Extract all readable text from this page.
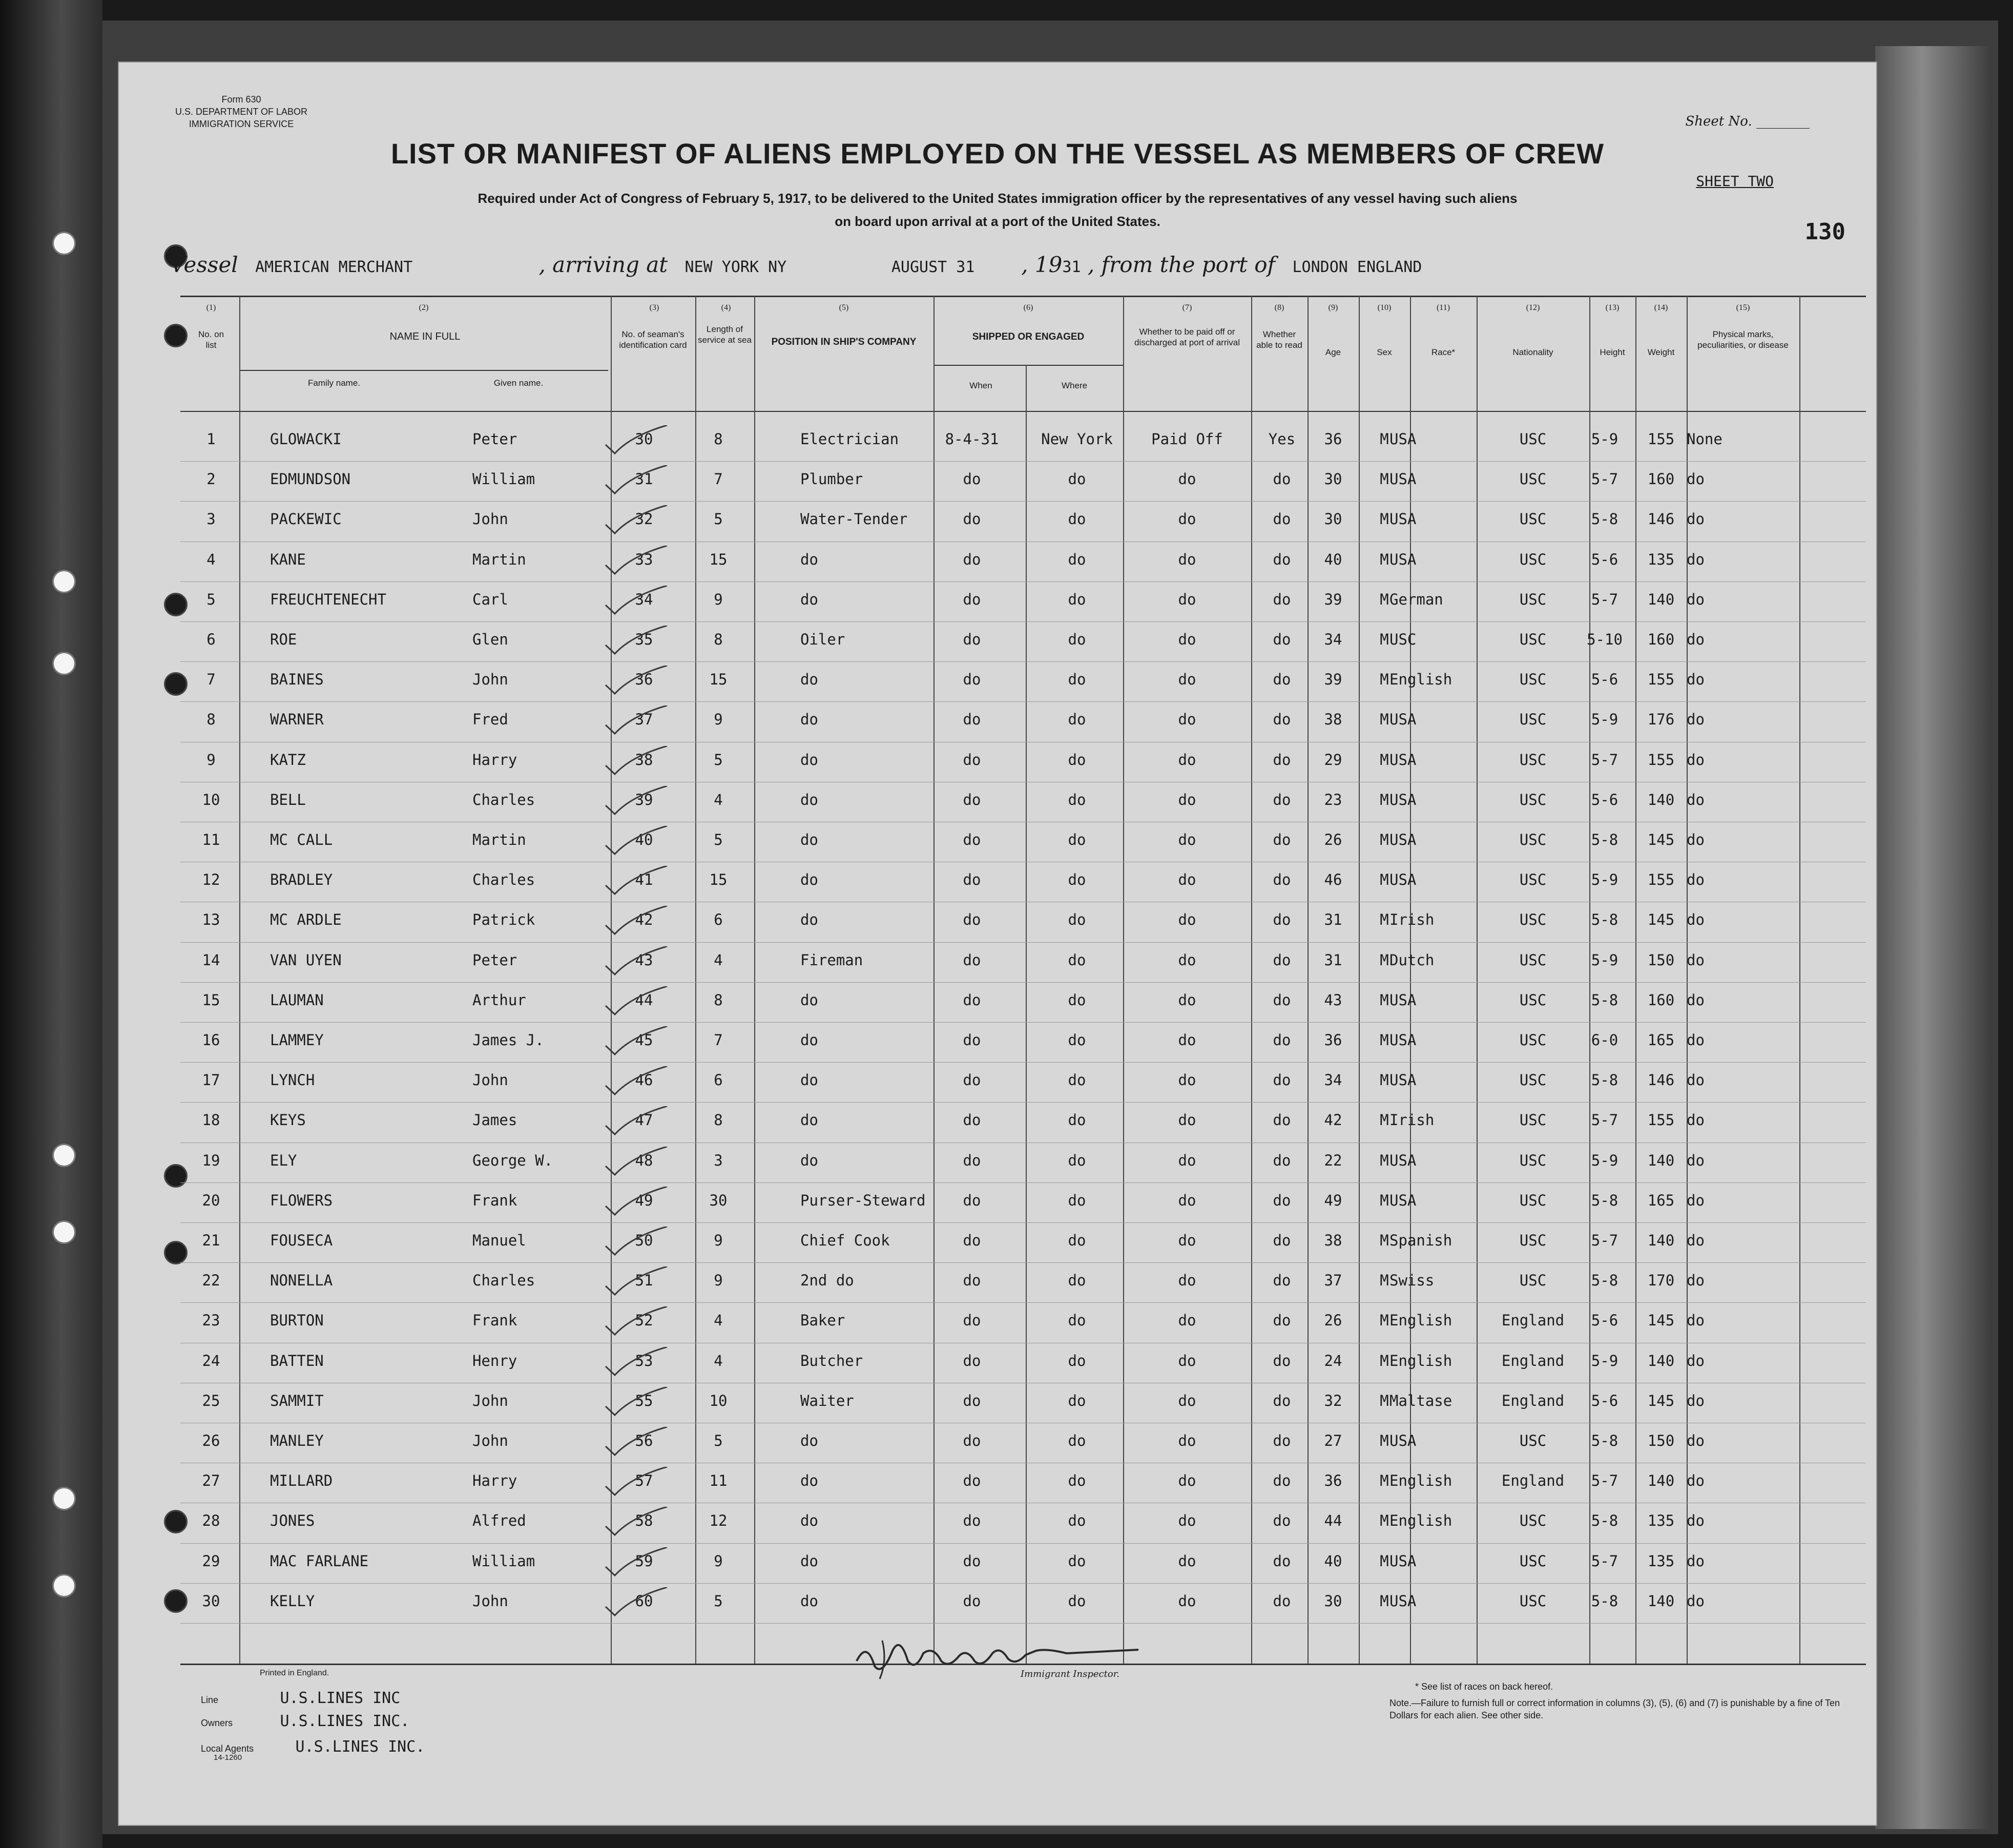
Form 630
U.S. DEPARTMENT OF LABOR
IMMIGRATION SERVICE	Sheet No. ________
LIST OR MANIFEST OF ALIENS EMPLOYED ON THE VESSEL AS MEMBERS OF CREW
Required under Act of Congress of February 5, 1917, to be delivered to the United States immigration officer by the representatives of any vessel having such aliens
on board upon arrival at a port of the United States.
SHEET TWO
130
Vessel AMERICAN MERCHANT	, arriving at NEW YORK NY	AUGUST 31 , 1931 , from the port of LONDON ENGLAND
(1)	(2)	(3)	(4)	(5)	(6)	(7)	(8)	(9)	(10)	(11)	(12)	(13)	(14)	(15)
No. on list
NAME IN FULL
Family name.	Given name.
No. of seaman's identification card
Length of service at sea	POSITION IN SHIP'S COMPANY	SHIPPED OR ENGAGED
When	Where
Whether to be paid off or discharged at port of arrival
Whether able to read
Age	Sex	Race*	Nationality	Height	Weight
Physical marks, peculiarities, or disease
1	GLOWACKI	Peter	30	8	Electrician	8-4-31	New York	Paid Off	Yes	36	M USA	USC	5-9	155 None
2	EDMUNDSON	William	31	7	Plumber	do	do	do	do	30	M USA	USC	5-7	160 do
3	PACKEWIC	John	32	5	Water-Tender	do	do	do	do	30	M USA	USC	5-8	146 do
4	KANE	Martin	33	15	do	do	do	do	do	40	M USA	USC	5-6	135 do
5	FREUCHTENECHT	Carl	34	9	do	do	do	do	do	39	M German	USC	5-7	140 do
6	ROE	Glen	35	8	Oiler	do	do	do	do	34	M USC	USC	5-10	160 do
7	BAINES	John	36	15	do	do	do	do	do	39	M English	USC	5-6	155 do
8	WARNER	Fred	37	9	do	do	do	do	do	38	M USA	USC	5-9	176 do
9	KATZ	Harry	38	5	do	do	do	do	do	29	M USA	USC	5-7	155 do
10	BELL	Charles	39	4	do	do	do	do	do	23	M USA	USC	5-6	140 do
11	MC CALL	Martin	40	5	do	do	do	do	do	26	M USA	USC	5-8	145 do
12	BRADLEY	Charles	41	15	do	do	do	do	do	46	M USA	USC	5-9	155 do
13	MC ARDLE	Patrick	42	6	do	do	do	do	do	31	M Irish	USC	5-8	145 do
14	VAN UYEN	Peter	43	4	Fireman	do	do	do	do	31	M Dutch	USC	5-9	150 do
15	LAUMAN	Arthur	44	8	do	do	do	do	do	43	M USA	USC	5-8	160 do
16	LAMMEY	James J.	45	7	do	do	do	do	do	36	M USA	USC	6-0	165 do
17	LYNCH	John	46	6	do	do	do	do	do	34	M USA	USC	5-8	146 do
18	KEYS	James	47	8	do	do	do	do	do	42	M Irish	USC	5-7	155 do
19	ELY	George W.	48	3	do	do	do	do	do	22	M USA	USC	5-9	140 do
20	FLOWERS	Frank	49	30	Purser-Steward	do	do	do	do	49	M USA	USC	5-8	165 do
21	FOUSECA	Manuel	50	9	Chief Cook	do	do	do	do	38	M Spanish	USC	5-7	140 do
22	NONELLA	Charles	51	9	2nd do	do	do	do	do	37	M Swiss	USC	5-8	170 do
23	BURTON	Frank	52	4	Baker	do	do	do	do	26	M English	England	5-6	145 do
24	BATTEN	Henry	53	4	Butcher	do	do	do	do	24	M English	England	5-9	140 do
25	SAMMIT	John	55	10	Waiter	do	do	do	do	32	M Maltase	England	5-6	145 do
26	MANLEY	John	56	5	do	do	do	do	do	27	M USA	USC	5-8	150 do
27	MILLARD	Harry	57	11	do	do	do	do	do	36	M English	England	5-7	140 do
28	JONES	Alfred	58	12	do	do	do	do	do	44	M English	USC	5-8	135 do
29	MAC FARLANE	William	59	9	do	do	do	do	do	40	M USA	USC	5-7	135 do
30	KELLY	John	60	5	do	do	do	do	do	30	M USA	USC	5-8	140 do
Printed in England.
Line	U.S.LINES INC
Owners	U.S.LINES INC.
Local Agents	U.S.LINES INC.
14-1260
Immigrant Inspector.
* See list of races on back hereof.
Note.—Failure to furnish full or correct information in columns (3), (5), (6) and (7) is punishable by a fine of Ten Dollars for each alien. See other side.
